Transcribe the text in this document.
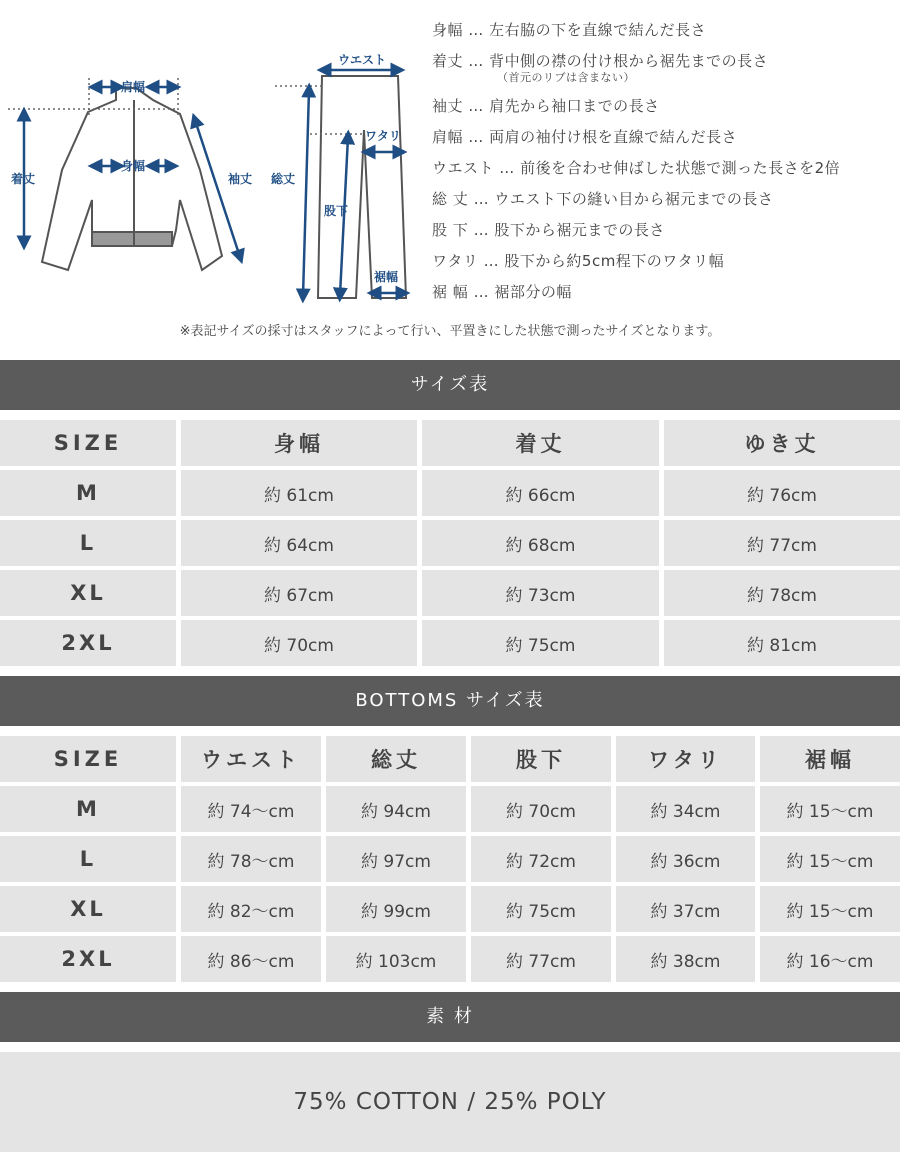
肩幅
身幅
着丈	袖丈
ウエスト
ワタリ
総丈
股下
裾幅
身幅 … 左右脇の下を直線で結んだ長さ
着丈 … 背中側の襟の付け根から裾先までの長さ
（首元のリブは含まない）
袖丈 … 肩先から袖口までの長さ
肩幅 … 両肩の袖付け根を直線で結んだ長さ
ウエスト … 前後を合わせ伸ばした状態で測った長さを2倍
総 丈 … ウエスト下の縫い目から裾元までの長さ
股 下 … 股下から裾元までの長さ
ワタリ … 股下から約5cm程下のワタリ幅
裾 幅 … 裾部分の幅
※表記サイズの採寸はスタッフによって行い、平置きにした状態で測ったサイズとなります。
サイズ表
SIZE	身幅	着丈	ゆき丈
M	約 61cm	約 66cm	約 76cm
L	約 64cm	約 68cm	約 77cm
XL	約 67cm	約 73cm	約 78cm
2XL	約 70cm	約 75cm	約 81cm
BOTTOMS サイズ表
SIZE	ウエスト	総丈	股下	ワタリ	裾幅
M	約 74〜cm	約 94cm	約 70cm	約 34cm	約 15〜cm
L	約 78〜cm	約 97cm	約 72cm	約 36cm	約 15〜cm
XL	約 82〜cm	約 99cm	約 75cm	約 37cm	約 15〜cm
2XL	約 86〜cm	約 103cm	約 77cm	約 38cm	約 16〜cm
素 材
75% COTTON / 25% POLY
